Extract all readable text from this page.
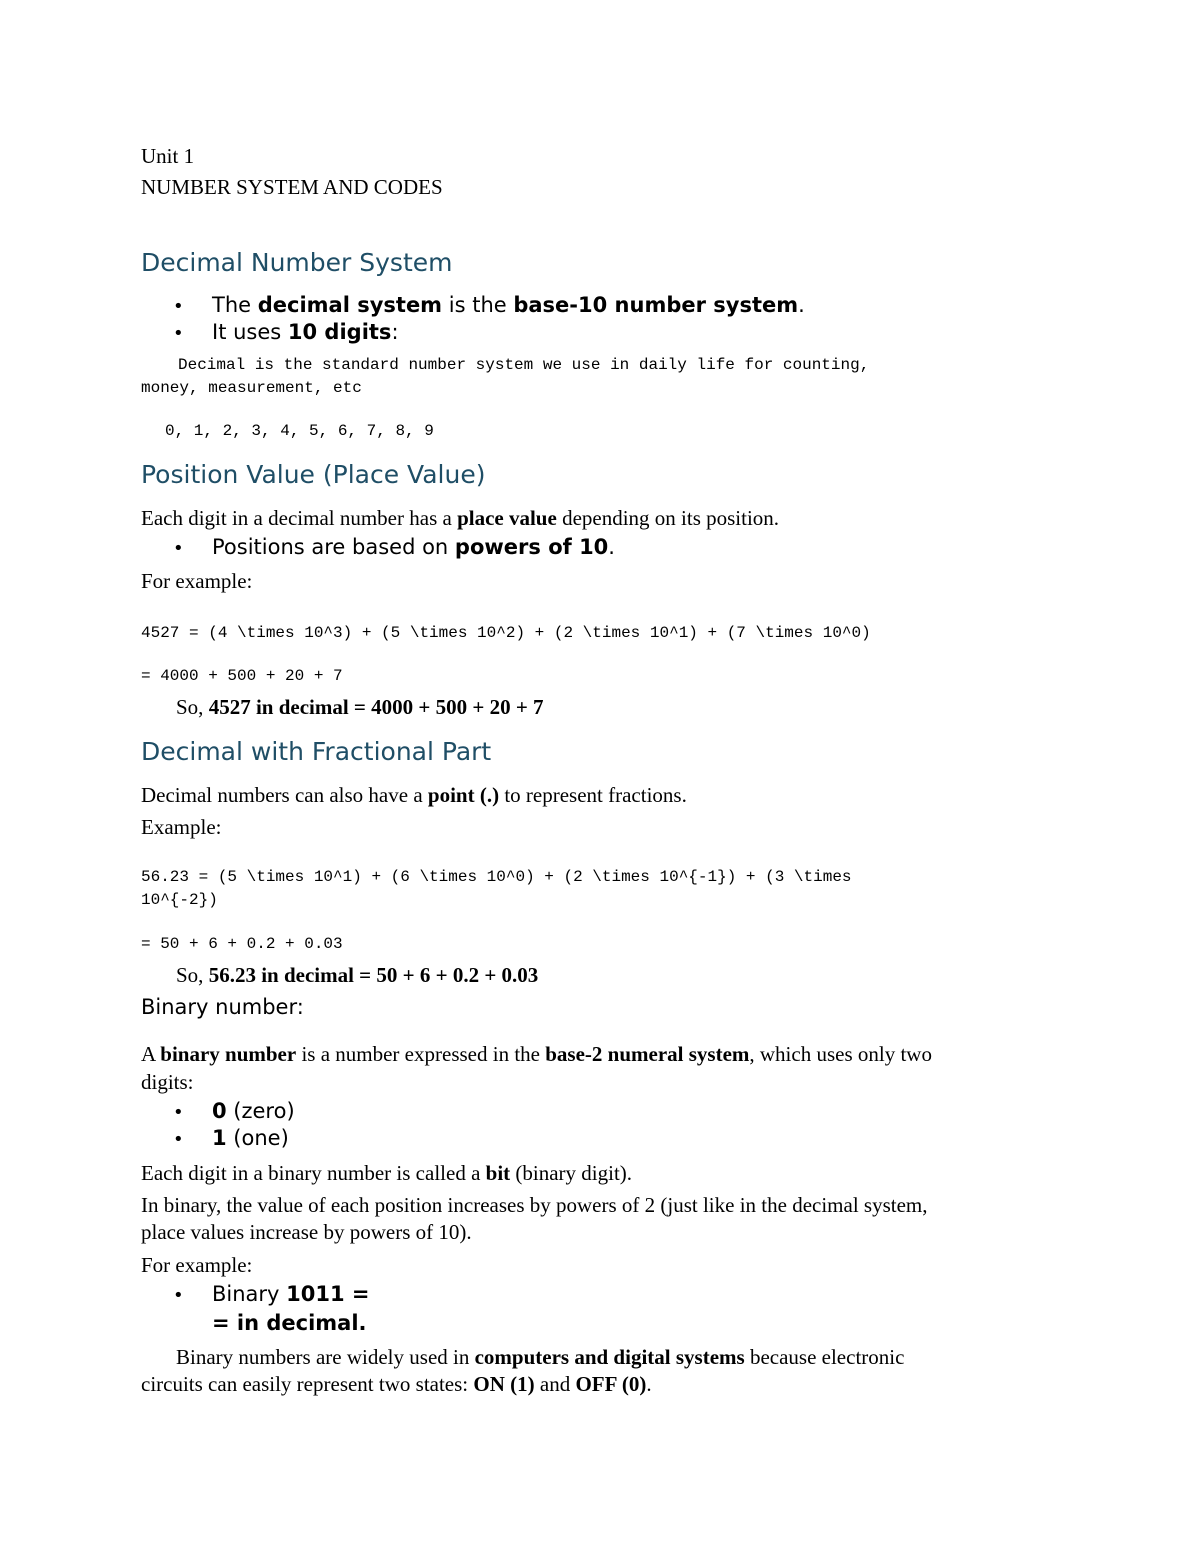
Unit 1

NUMBER SYSTEM AND CODES

Decimal Number System

• The decimal system is the base-10 number system.

• It uses 10 digits:

Decimal is the standard number system we use in daily life for counting,

money, measurement, etc

0, 1, 2, 3, 4, 5, 6, 7, 8, 9

Position Value (Place Value)

Each digit in a decimal number has a place value depending on its position.

• Positions are based on powers of 10.

For example:

4527 = (4 \times 10^3) + (5 \times 10^2) + (2 \times 10^1) + (7 \times 10^0)

= 4000 + 500 + 20 + 7

So, 4527 in decimal = 4000 + 500 + 20 + 7

Decimal with Fractional Part

Decimal numbers can also have a point (.) to represent fractions.

Example:

56.23 = (5 \times 10^1) + (6 \times 10^0) + (2 \times 10^{-1}) + (3 \times

10^{-2})

= 50 + 6 + 0.2 + 0.03

So, 56.23 in decimal = 50 + 6 + 0.2 + 0.03

Binary number:

A binary number is a number expressed in the base-2 numeral system, which uses only two

digits:

• 0 (zero)

• 1 (one)

Each digit in a binary number is called a bit (binary digit).

In binary, the value of each position increases by powers of 2 (just like in the decimal system,

place values increase by powers of 10).

For example:

• Binary 1011 =

= in decimal.

Binary numbers are widely used in computers and digital systems because electronic

circuits can easily represent two states: ON (1) and OFF (0).
